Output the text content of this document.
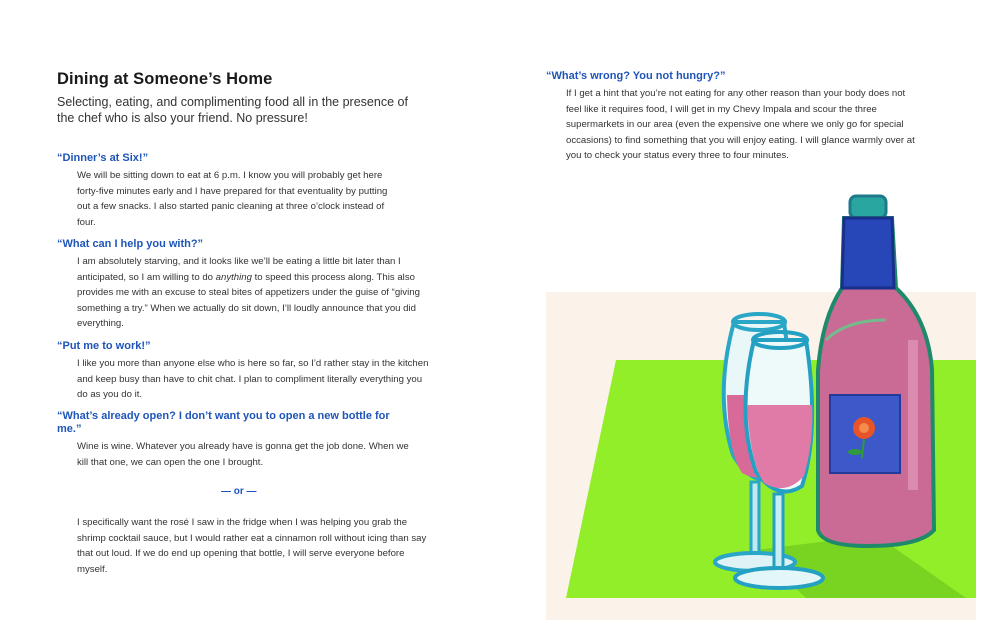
Dining at Someone’s Home

Selecting, eating, and complimenting food all in the presence of the chef who is also your friend. No pressure!

“Dinner’s at Six!”

We will be sitting down to eat at 6 p.m. I know you will probably get here forty-five minutes early and I have prepared for that eventuality by putting out a few snacks. I also started panic cleaning at three o’clock instead of four.

“What can I help you with?”

I am absolutely starving, and it looks like we’ll be eating a little bit later than I anticipated, so I am willing to do anything to speed this process along. This also provides me with an excuse to steal bites of appetizers under the guise of “giving something a try.” When we actually do sit down, I’ll loudly announce that you did everything.

“Put me to work!”

I like you more than anyone else who is here so far, so I’d rather stay in the kitchen and keep busy than have to chit chat. I plan to compliment literally everything you do as you do it.

“What’s already open? I don’t want you to open a new bottle for me.”

Wine is wine. Whatever you already have is gonna get the job done. When we kill that one, we can open the one I brought.

— or —

I specifically want the rosé I saw in the fridge when I was helping you grab the shrimp cocktail sauce, but I would rather eat a cinnamon roll without icing than say that out loud. If we do end up opening that bottle, I will serve everyone before myself.

“What’s wrong? You not hungry?”

If I get a hint that you’re not eating for any other reason than your body does not feel like it requires food, I will get in my Chevy Impala and scour the three supermarkets in our area (even the expensive one where we only go for special occasions) to find something that you will enjoy eating. I will glance warmly over at you to check your status every three to four minutes.
